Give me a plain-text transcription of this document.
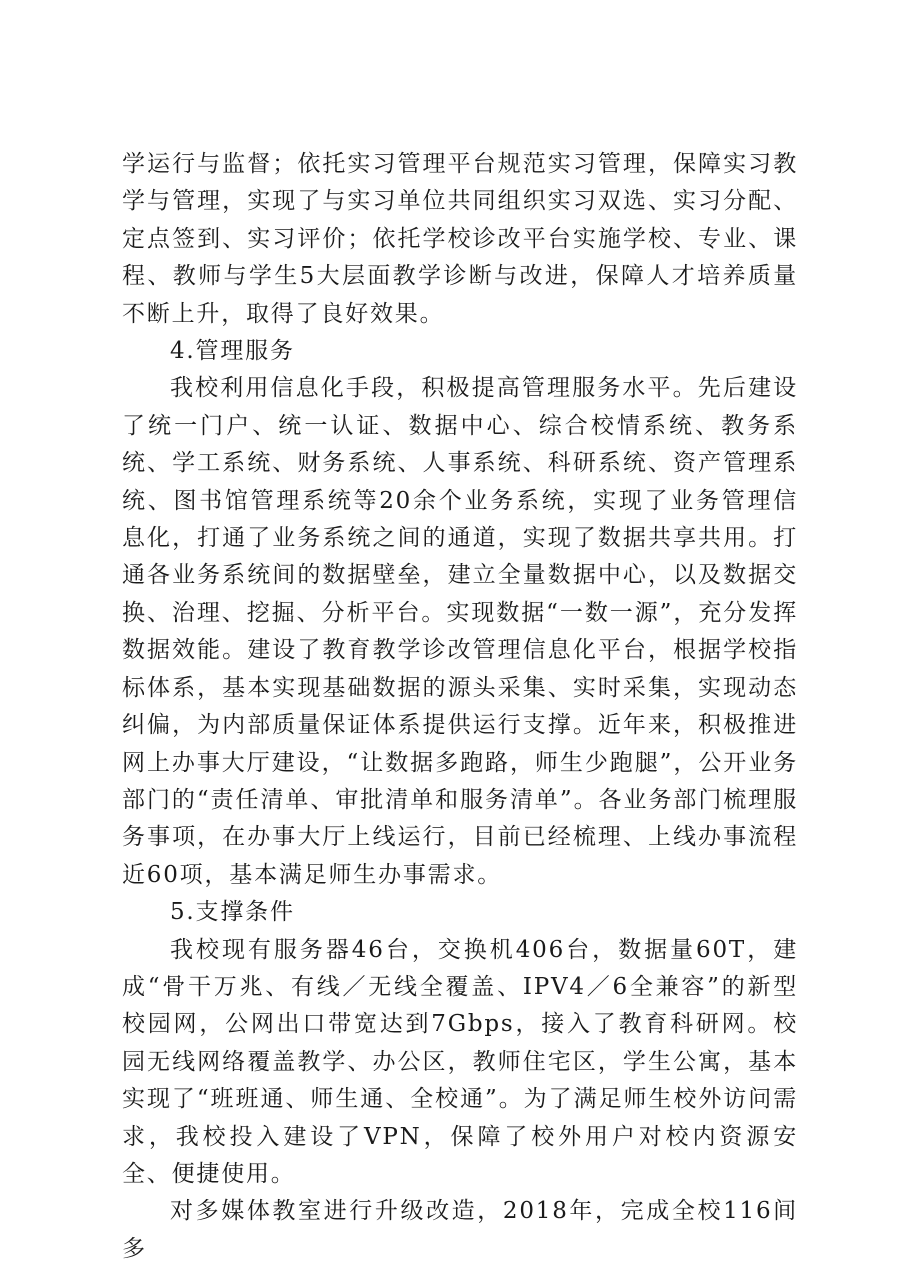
学运行与监督；依托实习管理平台规范实习管理，保障实习教学与管理，实现了与实习单位共同组织实习双选、实习分配、定点签到、实习评价；依托学校诊改平台实施学校、专业、课程、教师与学生5大层面教学诊断与改进，保障人才培养质量不断上升，取得了良好效果。

4.管理服务

我校利用信息化手段，积极提高管理服务水平。先后建设了统一门户、统一认证、数据中心、综合校情系统、教务系统、学工系统、财务系统、人事系统、科研系统、资产管理系统、图书馆管理系统等20余个业务系统，实现了业务管理信息化，打通了业务系统之间的通道，实现了数据共享共用。打通各业务系统间的数据壁垒，建立全量数据中心，以及数据交换、治理、挖掘、分析平台。实现数据“一数一源”，充分发挥数据效能。建设了教育教学诊改管理信息化平台，根据学校指标体系，基本实现基础数据的源头采集、实时采集，实现动态纠偏，为内部质量保证体系提供运行支撑。近年来，积极推进网上办事大厅建设，“让数据多跑路，师生少跑腿”，公开业务部门的“责任清单、审批清单和服务清单”。各业务部门梳理服务事项，在办事大厅上线运行，目前已经梳理、上线办事流程近60项，基本满足师生办事需求。

5.支撑条件

我校现有服务器46台，交换机406台，数据量60T，建成“骨干万兆、有线／无线全覆盖、IPV4／6全兼容”的新型校园网，公网出口带宽达到7Gbps，接入了教育科研网。校园无线网络覆盖教学、办公区，教师住宅区，学生公寓，基本实现了“班班通、师生通、全校通”。为了满足师生校外访问需求，我校投入建设了VPN，保障了校外用户对校内资源安全、便捷使用。

对多媒体教室进行升级改造，2018年，完成全校116间多
